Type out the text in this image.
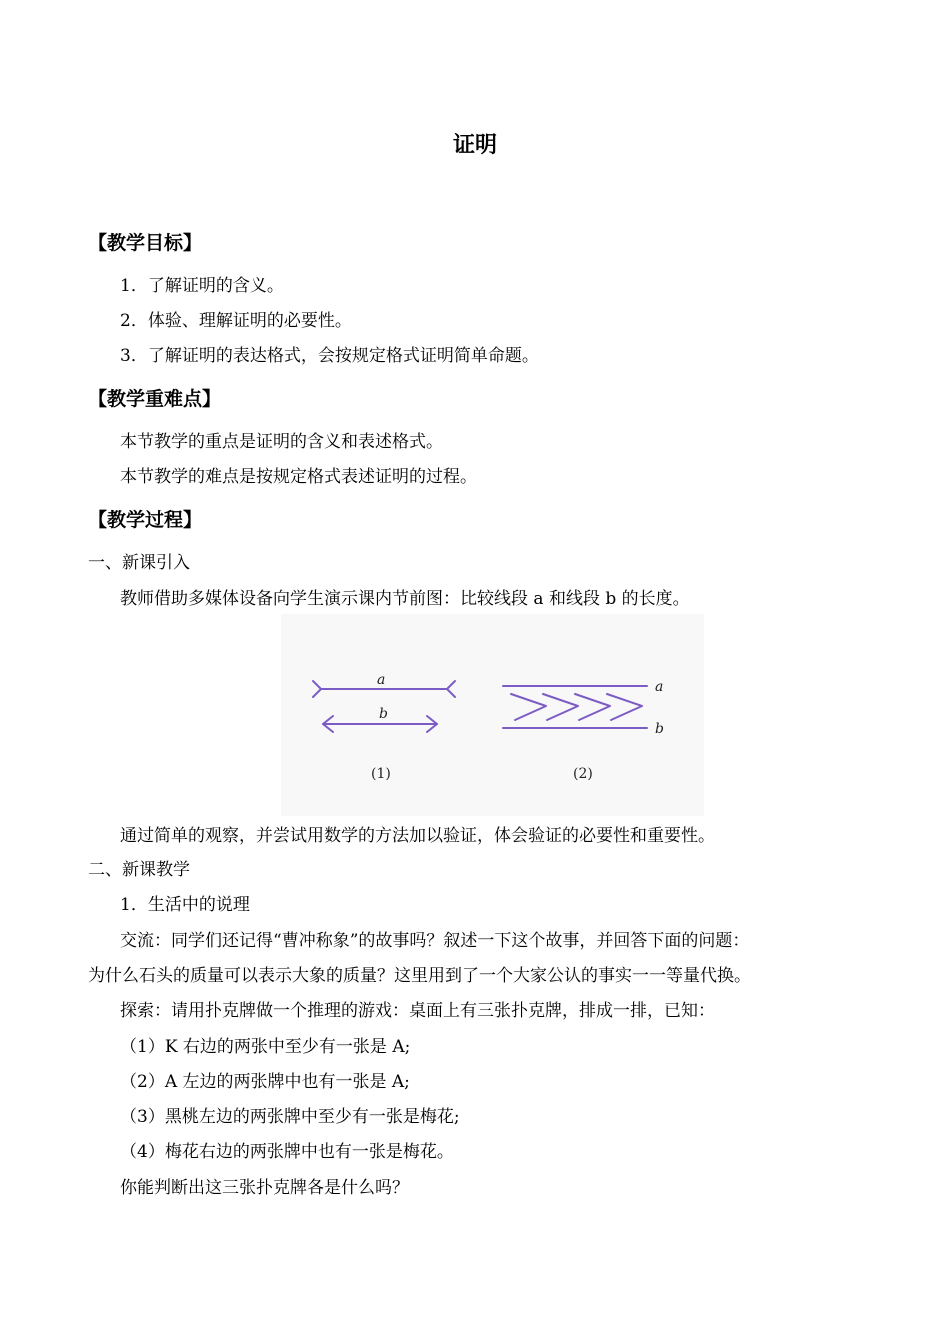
证明
【教学目标】
1．了解证明的含义。
2．体验、理解证明的必要性。
3．了解证明的表达格式，会按规定格式证明简单命题。
【教学重难点】
本节教学的重点是证明的含义和表述格式。
本节教学的难点是按规定格式表述证明的过程。
【教学过程】
一、新课引入
教师借助多媒体设备向学生演示课内节前图：比较线段 a 和线段 b 的长度。
a
b
a
b
(1)	(2)
通过简单的观察，并尝试用数学的方法加以验证，体会验证的必要性和重要性。
二、新课教学
1．生活中的说理
交流：同学们还记得“曹冲称象”的故事吗？叙述一下这个故事，并回答下面的问题：
为什么石头的质量可以表示大象的质量？这里用到了一个大家公认的事实一一等量代换。
探索：请用扑克牌做一个推理的游戏：桌面上有三张扑克牌，排成一排，已知：
（1）K 右边的两张中至少有一张是 A;
（2）A 左边的两张牌中也有一张是 A;
（3）黑桃左边的两张牌中至少有一张是梅花;
（4）梅花右边的两张牌中也有一张是梅花。
你能判断出这三张扑克牌各是什么吗？
